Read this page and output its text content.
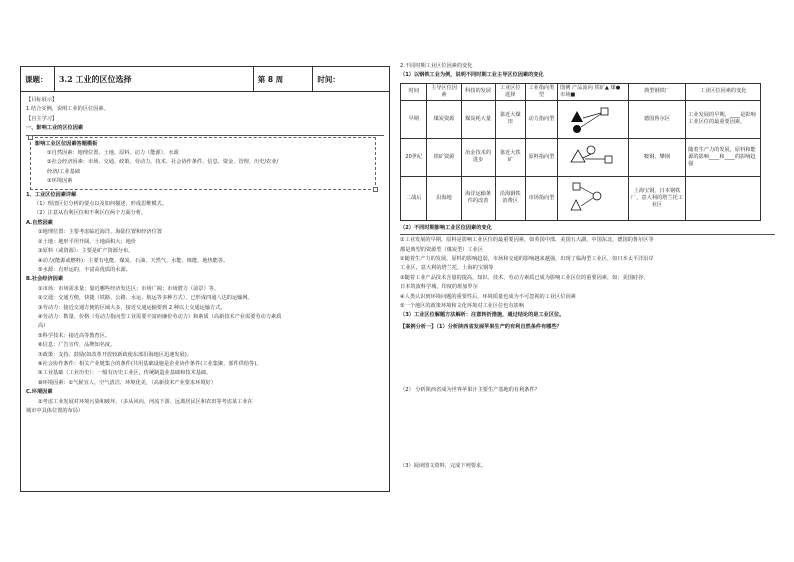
课题：	3.2 工业的区位选择	第 8 周	时间：
【目标展示】
1.结合实例，说明工业的区位因素。
【自主学习】
一、影响工业的区位因素
影响工业区位因素答题模板
①自然因素：地理位置、土地、原料、动力（能源）、水源
②社会经济因素：市场、交通、政策、劳动力、技术、社会协作条件、信息、资金、管理、历史/农业/
经济/工业基础
③环境因素
1、工业区位因素详解
（1）理清区位分析的要点以及如何描述，形成思维模式。
（2）注意从有利区位和不利区位两个方面分析。
A.自然因素
①地理位置：主要考虑临近海洋、海陆位置和经济位置
②土地：地形平坦开阔，土地面积大；地价
③原料（或资源）：主要是矿产资源分布。
④动力(能源或燃料)：主要有电能、煤炭、石油、天然气、水能、核能、地热能等。
⑤水源：有形运的，丰富高优质的水源。
B.社会经济因素
①市场：市场需求量；靠近哪些经济发达区；市场广阔；市场潜力（前景）等。
②交通：交通方便，快捷（铁路、公路、水运、航运等多种方式），已形成四通八达的运输网。
③劳动力：接近交通方便的区域大多，接近交通运输要到 2 种以上交通运输方式。
④劳动力：数量、价格（劳动力指向型工业需要丰富而廉价劳动力）和素质（高新技术产业需要劳动力素质
高）
⑤科学技术：接近高等教育区。
⑥信息：广告宣传，品牌知名度。
⑦政策：支持、鼓励(如改革开放较新政使东部沿海地区迅速发展)。
⑧社会协作条件：相关产业链集合的条件(共用基础设施是企业协作条件(工业集聚、部件供给等)。
⑨工业基础（工业历史）：一般有历史工业区，传统制造业基础和技术基础。
⑩环境因素：①气候宜人、空气清洁、环境优美，（高新技术产业要求环境好）
C.环境因素
②考虑工业发展对环境污染和破坏。（多从风向、河流下游、远离居民区和农田等考虑某工业在
城市中具体位置的布局）
2.不同时期工业区位因素的变化
（1）以钢铁工业为例，说明不同时期工业主导区位因素的变化
时间	主导区位因素	科技的发展	工业区位选择	工业指向类型	图例 产品流向 铁矿▲ 煤● 市场■	典型钢铁厂	工业区位因素的变化
早期	煤炭资源	煤炭耗大量	靠近大煤田	动力指向型		德国鲁尔区	工业发展的早期，____是影响工业区位的最重要因素。
20世纪	铁矿资源	冶金技术的进步	靠近大铁矿	原料指向型		鞍钢、攀钢	随着生产力的发展，原料和能源的影响____和____的影响趋强
二战后	沿海地	海洋运输条件的改善	沿海钢铁消费区	市场指向型		上海宝钢，日本钢铁厂，意大利的塔兰托工业区	
（2）不同时期影响工业区位因素的变化
①工业发展的早期，原料是影响工业区位的最重要因素，如英国中部，美国五大湖，中国东北，德国的鲁尔区等
都是典型的资源型（煤炭型）工业区
②随着生产力的发展，原料的影响趋弱，市场和交通的影响越来越强，出现了临海型工业区，如日本太平洋沿岸
工业区，意大利的塔兰托，上海的宝钢等
③随着工业产品技术含量的提高，知识、技术、劳动力素质已成为影响工业区位的重要因素，如：美国硅谷，
日本筑波科学城，印度的班加罗尔
④人类认识到环境问题的重要性后，环境质量也成为不可忽视的工业区位因素
⑤一个地区的政策环境和文化环境对工业区位也有影响
（3）工业区位解题方法解析：注意转折措施，通过结论的是工业区位。
【案例分析一】（1）分析陕西省发展苹果生产的有利自然条件有哪些？
（2） 分析陕西省成为世界苹果汁主要生产基地的有利条件？
（3）阅读图文资料，完成下列要求。
